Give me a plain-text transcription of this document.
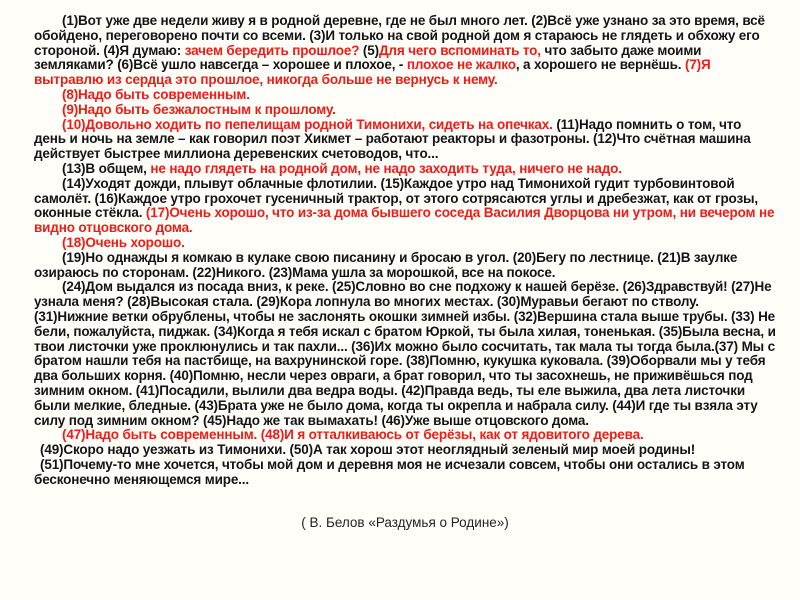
(1)Вот уже две недели живу я в родной деревне, где не был много лет. (2)Всё уже узнано за это время, всё обойдено, переговорено почти со всеми. (3)И только на свой родной дом я стараюсь не глядеть и обхожу его стороной. (4)Я думаю: зачем бередить прошлое? (5)Для чего вспоминать то, что забыто даже моими земляками? (6)Всё ушло навсегда – хорошее и плохое, - плохое не жалко, а хорошего не вернёшь. (7)Я вытравлю из сердца это прошлое, никогда больше не вернусь к нему.

(8)Надо быть современным.

(9)Надо быть безжалостным к прошлому.

(10)Довольно ходить по пепелищам родной Тимонихи, сидеть на опечках. (11)Надо помнить о том, что день и ночь на земле – как говорил поэт Хикмет – работают реакторы и фазотроны. (12)Что счётная машина действует быстрее миллиона деревенских счетоводов, что...

(13)В общем, не надо глядеть на родной дом, не надо заходить туда, ничего не надо.

(14)Уходят дожди, плывут облачные флотилии. (15)Каждое утро над Тимонихой гудит турбовинтовой самолёт. (16)Каждое утро грохочет гусеничный трактор, от этого сотрясаются углы и дребезжат, как от грозы, оконные стёкла. (17)Очень хорошо, что из-за дома бывшего соседа Василия Дворцова ни утром, ни вечером не видно отцовского дома.

(18)Очень хорошо.

(19)Но однажды я комкаю в кулаке свою писанину и бросаю в угол. (20)Бегу по лестнице. (21)В заулке озираюсь по сторонам. (22)Никого. (23)Мама ушла за морошкой, все на покосе.

(24)Дом выдался из посада вниз, к реке. (25)Словно во сне подхожу к нашей берёзе. (26)Здравствуй! (27)Не узнала меня? (28)Высокая стала. (29)Кора лопнула во многих местах. (30)Муравьи бегают по стволу. (31)Нижние ветки обрублены, чтобы не заслонять окошки зимней избы. (32)Вершина стала выше трубы. (33) Не бели, пожалуйста, пиджак. (34)Когда я тебя искал с братом Юркой, ты была хилая, тоненькая. (35)Была весна, и твои листочки уже проклюнулись и так пахли... (36)Их можно было сосчитать, так мала ты тогда была.(37) Мы с братом нашли тебя на пастбище, на вахрунинской горе. (38)Помню, кукушка куковала. (39)Оборвали мы у тебя два больших корня. (40)Помню, несли через овраги, а брат говорил, что ты засохнешь, не приживёшься под зимним окном. (41)Посадили, вылили два ведра воды. (42)Правда ведь, ты еле выжила, два лета листочки были мелкие, бледные. (43)Брата уже не было дома, когда ты окрепла и набрала силу. (44)И где ты взяла эту силу под зимним окном? (45)Надо же так вымахать! (46)Уже выше отцовского дома.

(47)Надо быть современным. (48)И я отталкиваюсь от берёзы, как от ядовитого дерева.

(49)Скоро надо уезжать из Тимонихи. (50)А так хорош этот неоглядный зеленый мир моей родины!

(51)Почему-то мне хочется, чтобы мой дом и деревня моя не исчезали совсем, чтобы они остались в этом бесконечно меняющемся мире...

( В. Белов «Раздумья о Родине»)
